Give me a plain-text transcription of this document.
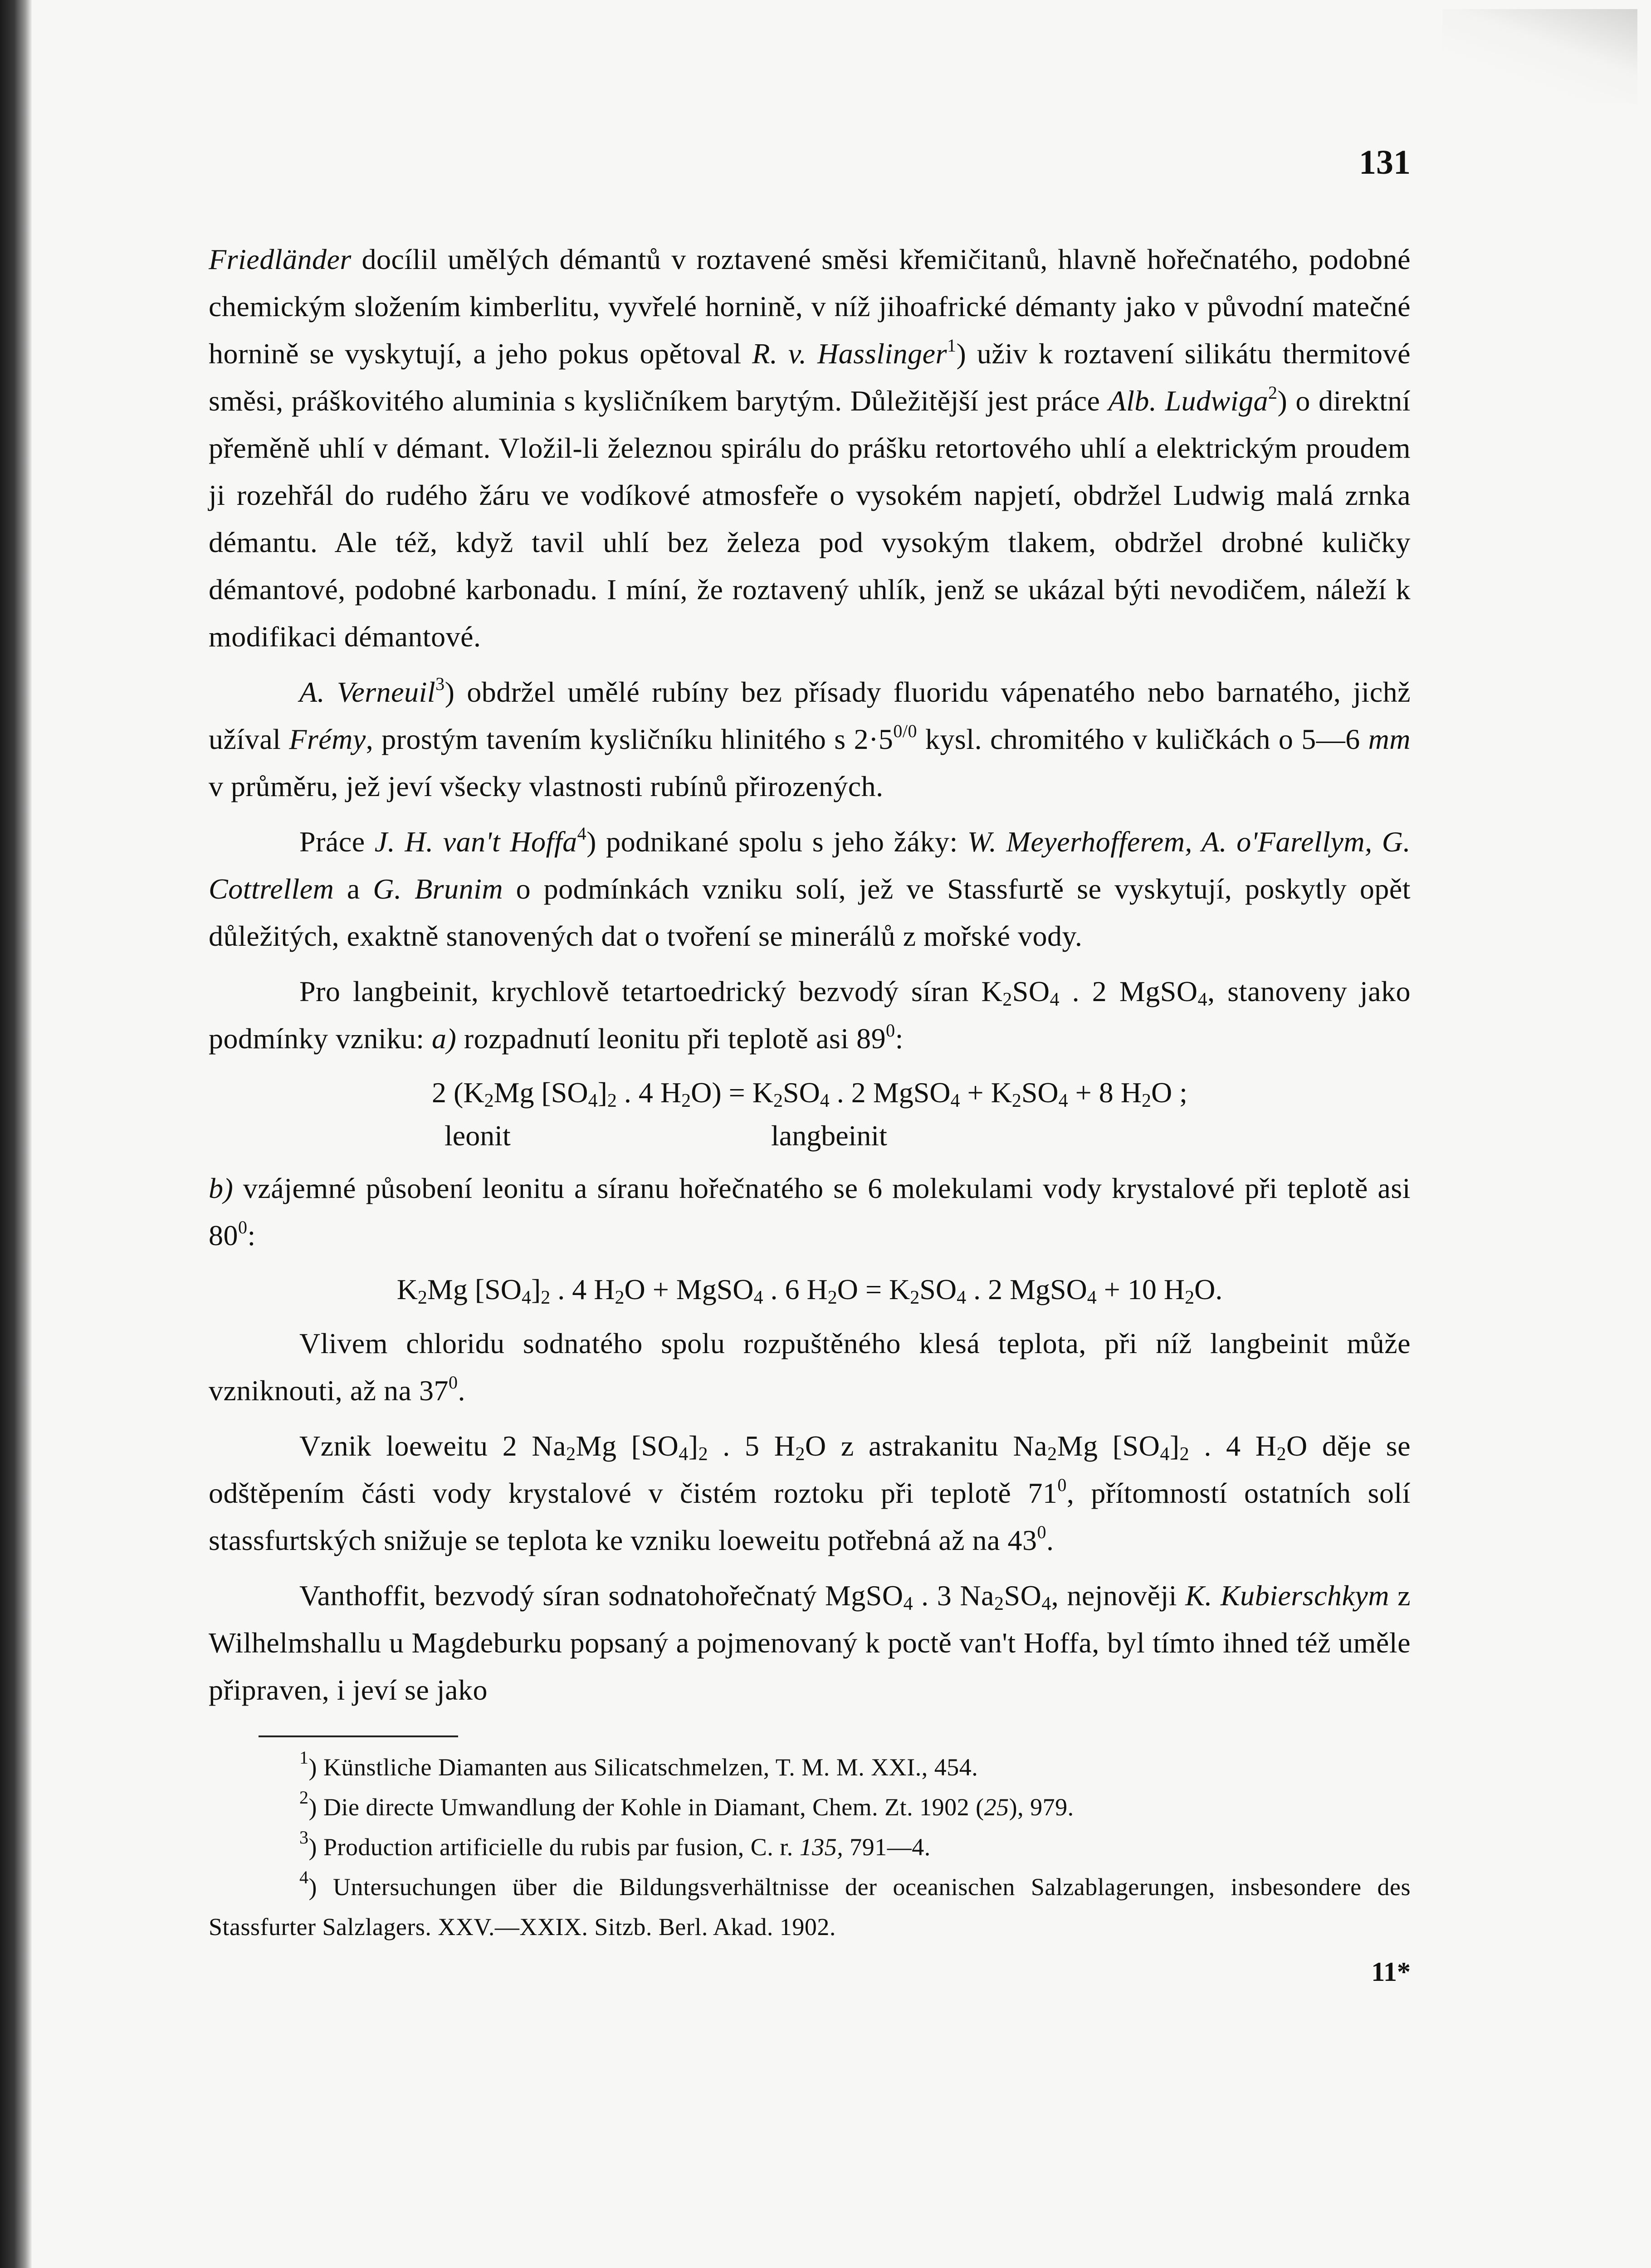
131

Friedländer docílil umělých démantů v roztavené směsi křemičitanů, hlavně hořečnatého, podobné chemickým složením kimberlitu, vyvřelé hornině, v níž jihoafrické démanty jako v původní matečné hornině se vyskytují, a jeho pokus opětoval R. v. Hasslinger$^1$) uživ k roztavení silikátu thermitové směsi, práškovitého aluminia s kysličníkem barytým. Důležitější jest práce Alb. Ludwiga$^2$) o direktní přeměně uhlí v démant. Vložil-li železnou spirálu do prášku retortového uhlí a elektrickým proudem ji rozehřál do rudého žáru ve vodíkové atmosfeře o vysokém napjetí, obdržel Ludwig malá zrnka démantu. Ale též, když tavil uhlí bez železa pod vysokým tlakem, obdržel drobné kuličky démantové, podobné karbonadu. I míní, že roztavený uhlík, jenž se ukázal býti nevodičem, náleží k modifikaci démantové.

A. Verneuil$^3$) obdržel umělé rubíny bez přísady fluoridu vápenatého nebo barnatého, jichž užíval Frémy, prostým tavením kysličníku hlinitého s $2\cdot 5^{0/0}$ kysl. chromitého v kuličkách o 5—6 mm v průměru, jež jeví všecky vlastnosti rubínů přirozených.

Práce J. H. van't Hoffa$^4$) podnikané spolu s jeho žáky: W. Meyerhofferem, A. o'Farellym, G. Cottrellem a G. Brunim o podmínkách vzniku solí, jež ve Stassfurtě se vyskytují, poskytly opět důležitých, exaktně stanovených dat o tvoření se minerálů z mořské vody.

Pro langbeinit, krychlově tetartoedrický bezvodý síran $K_2SO_4$ . 2 MgSO$_4$, stanoveny jako podmínky vzniku: a) rozpadnutí leonitu při teplotě asi $89^0$:

2 ($K_2Mg$ $[SO_4]_2$ . 4 $H_2O) = K_2SO_4$ . 2 MgSO$_4$ + $K_2SO_4 + 8$ $H_2O$ ;
leonit	langbeinit

b) vzájemné působení leonitu a síranu hořečnatého se 6 molekulami vody krystalové při teplotě asi $80^0$:

$K_2Mg$ $[SO_4]_2$ . 4 $H_2O$ + MgSO$_4$ . 6 $H_2O = K_2SO_4$ . 2 MgSO$_4$ + 10 $H_2O$.

Vlivem chloridu sodnatého spolu rozpuštěného klesá teplota, při níž langbeinit může vzniknouti, až na $37^0$.

Vznik loeweitu 2 $Na_2Mg$ $[SO_4]_2$ . 5 $H_2O$ z astrakanitu $Na_2Mg$ $[SO_4]_2$ . 4 $H_2O$ děje se odštěpením části vody krystalové v čistém roztoku při teplotě $71^0$, přítomností ostatních solí stassfurtských snižuje se teplota ke vzniku loeweitu potřebná až na $43^0$.

Vanthoffit, bezvodý síran sodnatohořečnatý MgSO$_4$ . 3 $Na_2SO_4$, nejnověji K. Kubierschkym z Wilhelmshallu u Magdeburku popsaný a pojmenovaný k poctě van't Hoffa, byl tímto ihned též uměle připraven, i jeví se jako

$^1$) Künstliche Diamanten aus Silicatschmelzen, T. M. M. XXI., 454.

$^2$) Die directe Umwandlung der Kohle in Diamant, Chem. Zt. 1902 (25), 979.

$^3$) Production artificielle du rubis par fusion, C. r. 135, 791—4.

$^4$) Untersuchungen über die Bildungsverhältnisse der oceanischen Salzablagerungen, insbesondere des Stassfurter Salzlagers. XXV.—XXIX. Sitzb. Berl. Akad. 1902.

11*
